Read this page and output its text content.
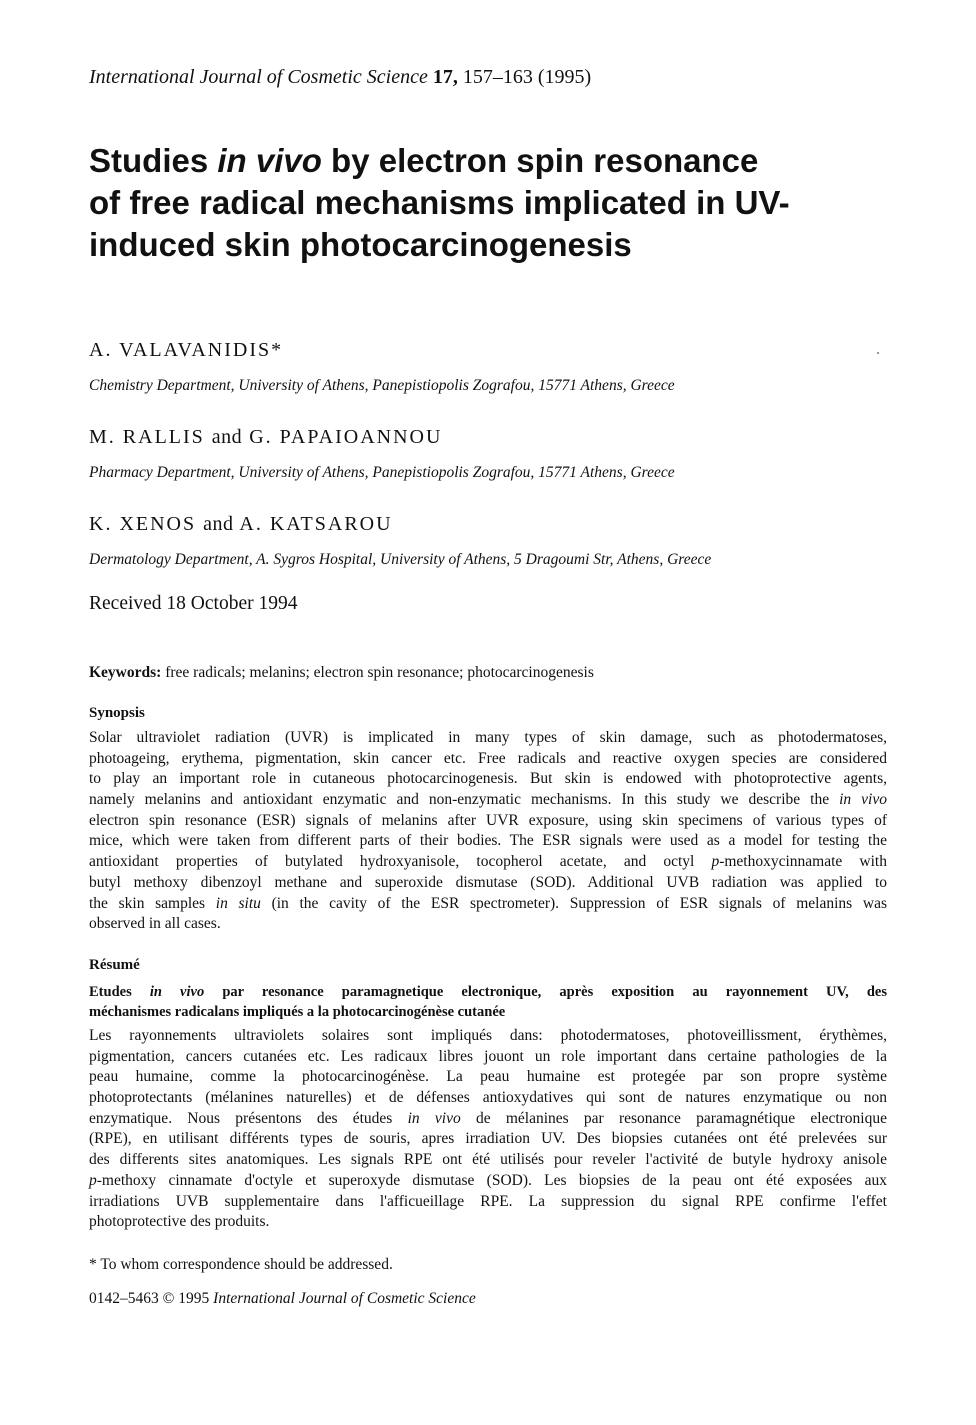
International Journal of Cosmetic Science 17, 157–163 (1995)
Studies in vivo by electron spin resonance
of free radical mechanisms implicated in UV-
induced skin photocarcinogenesis
A. VALAVANIDIS*
Chemistry Department, University of Athens, Panepistiopolis Zografou, 15771 Athens, Greece
M. RALLIS and G. PAPAIOANNOU
Pharmacy Department, University of Athens, Panepistiopolis Zografou, 15771 Athens, Greece
K. XENOS and A. KATSAROU
Dermatology Department, A. Sygros Hospital, University of Athens, 5 Dragoumi Str, Athens, Greece
Received 18 October 1994
Keywords: free radicals; melanins; electron spin resonance; photocarcinogenesis
Synopsis
Solar ultraviolet radiation (UVR) is implicated in many types of skin damage, such as photodermatoses,
photoageing, erythema, pigmentation, skin cancer etc. Free radicals and reactive oxygen species are considered
to play an important role in cutaneous photocarcinogenesis. But skin is endowed with photoprotective agents,
namely melanins and antioxidant enzymatic and non-enzymatic mechanisms. In this study we describe the in vivo
electron spin resonance (ESR) signals of melanins after UVR exposure, using skin specimens of various types of
mice, which were taken from different parts of their bodies. The ESR signals were used as a model for testing the
antioxidant properties of butylated hydroxyanisole, tocopherol acetate, and octyl p-methoxycinnamate with
butyl methoxy dibenzoyl methane and superoxide dismutase (SOD). Additional UVB radiation was applied to
the skin samples in situ (in the cavity of the ESR spectrometer). Suppression of ESR signals of melanins was
observed in all cases.
Résumé
Etudes in vivo par resonance paramagnetique electronique, après exposition au rayonnement UV, des
méchanismes radicalans impliqués a la photocarcinogénèse cutanée
Les rayonnements ultraviolets solaires sont impliqués dans: photodermatoses, photoveillissment, érythèmes,
pigmentation, cancers cutanées etc. Les radicaux libres jouont un role important dans certaine pathologies de la
peau humaine, comme la photocarcinogénèse. La peau humaine est protegée par son propre système
photoprotectants (mélanines naturelles) et de défenses antioxydatives qui sont de natures enzymatique ou non
enzymatique. Nous présentons des études in vivo de mélanines par resonance paramagnétique electronique
(RPE), en utilisant différents types de souris, apres irradiation UV. Des biopsies cutanées ont été prelevées sur
des differents sites anatomiques. Les signals RPE ont été utilisés pour reveler l'activité de butyle hydroxy anisole
p-methoxy cinnamate d'octyle et superoxyde dismutase (SOD). Les biopsies de la peau ont été exposées aux
irradiations UVB supplementaire dans l'afficueillage RPE. La suppression du signal RPE confirme l'effet
photoprotective des produits.
* To whom correspondence should be addressed.
0142–5463 © 1995 International Journal of Cosmetic Science
